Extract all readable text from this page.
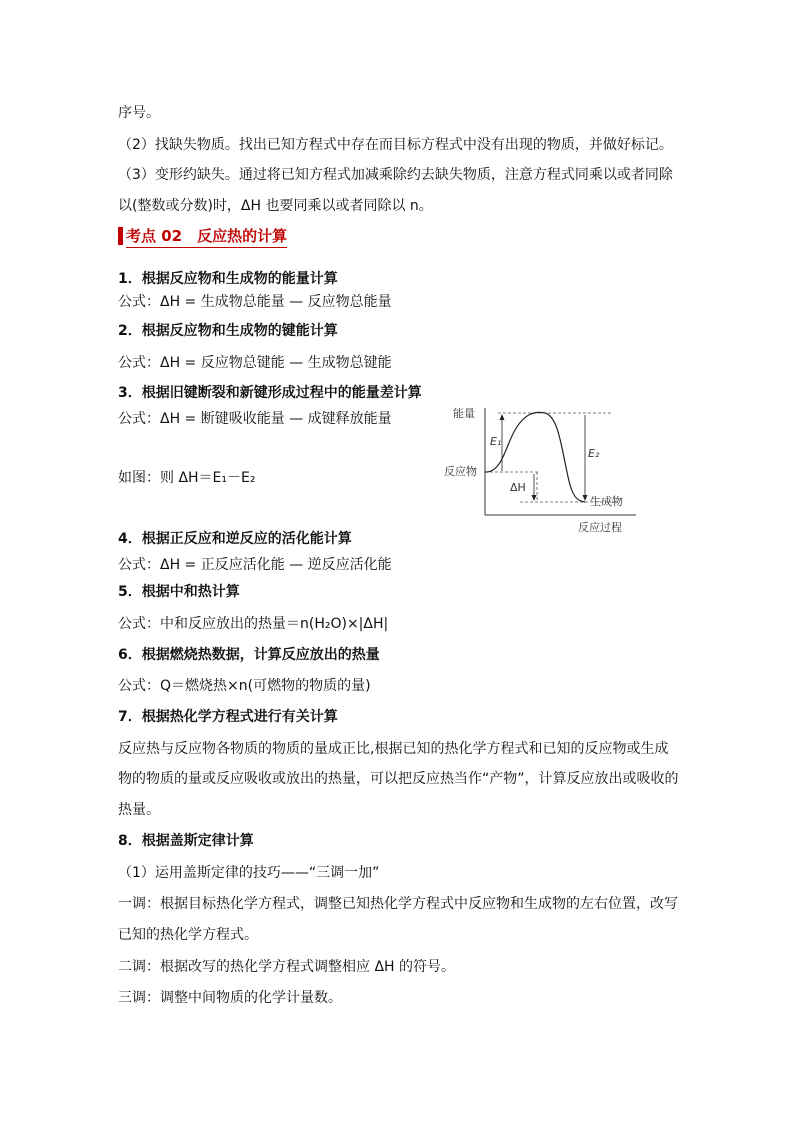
序号。
（2）找缺失物质。找出已知方程式中存在而目标方程式中没有出现的物质，并做好标记。
（3）变形约缺失。通过将已知方程式加减乘除约去缺失物质，注意方程式同乘以或者同除
以(整数或分数)时，ΔH 也要同乘以或者同除以 n。
考点 02　反应热的计算
1．根据反应物和生成物的能量计算
公式：ΔH = 生成物总能量 — 反应物总能量
2．根据反应物和生成物的键能计算
公式：ΔH = 反应物总键能 — 生成物总键能
3．根据旧键断裂和新键形成过程中的能量差计算
公式：ΔH = 断键吸收能量 — 成键释放能量
如图：则 ΔH＝E₁－E₂
能量
反应物
生成物
反应过程
E₁
E₂
ΔH
4．根据正反应和逆反应的活化能计算
公式：ΔH = 正反应活化能 — 逆反应活化能
5．根据中和热计算
公式：中和反应放出的热量＝n(H₂O)×|ΔH|
6．根据燃烧热数据，计算反应放出的热量
公式：Q＝燃烧热×n(可燃物的物质的量)
7．根据热化学方程式进行有关计算
反应热与反应物各物质的物质的量成正比,根据已知的热化学方程式和已知的反应物或生成
物的物质的量或反应吸收或放出的热量，可以把反应热当作“产物”，计算反应放出或吸收的
热量。
8．根据盖斯定律计算
（1）运用盖斯定律的技巧——“三调一加”
一调：根据目标热化学方程式，调整已知热化学方程式中反应物和生成物的左右位置，改写
已知的热化学方程式。
二调：根据改写的热化学方程式调整相应 ΔH 的符号。
三调：调整中间物质的化学计量数。
